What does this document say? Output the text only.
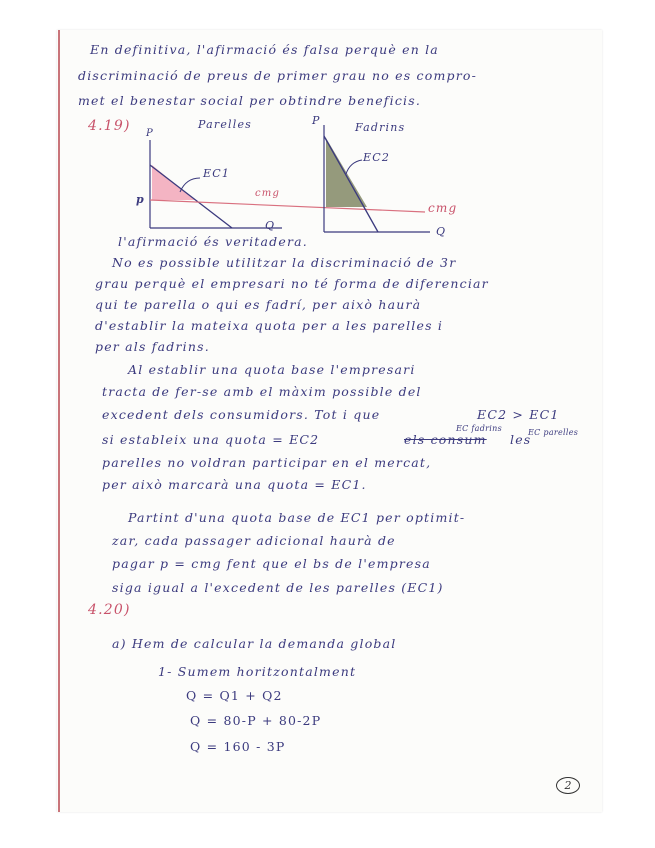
En definitiva, l'afirmació és falsa perquè en la

discriminació de preus de primer grau no es compro-

met el benestar social per obtindre beneficis.

4.19)	Parelles	Fadrins

P

P

p

EC1

EC2

cmg

cmg

Q	Q

l'afirmació és veritadera.

No es possible utilitzar la discriminació de 3r

grau perquè el empresari no té forma de diferenciar

qui te parella o qui es fadrí, per això haurà

d'establir la mateixa quota per a les parelles i

per als fadrins.

Al establir una quota base l'empresari

tracta de fer-se amb el màxim possible del

excedent dels consumidors. Tot i que	EC2 > EC1

EC fadrins	EC parelles

si estableix una quota = EC2	els consum les

parelles no voldran participar en el mercat,

per això marcarà una quota = EC1.

Partint d'una quota base de EC1 per optimit-

zar, cada passager adicional haurà de

pagar p = cmg fent que el bs de l'empresa

siga igual a l'excedent de les parelles (EC1)

4.20)

a) Hem de calcular la demanda global

1- Sumem horitzontalment

Q = Q1 + Q2

Q = 80-P + 80-2P

Q = 160 - 3P

2
